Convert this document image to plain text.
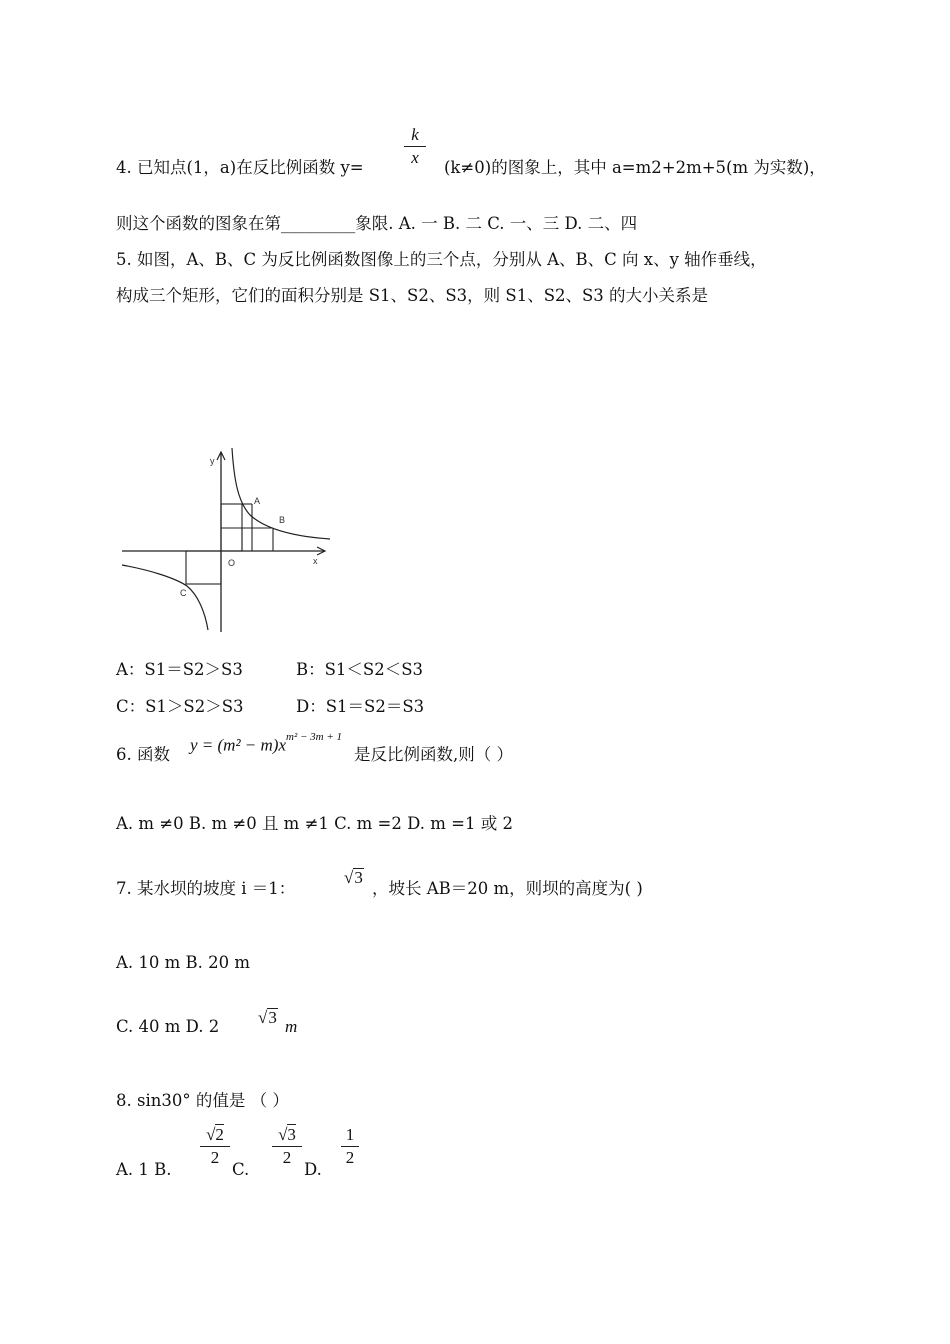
4. 已知点(1，a)在反比例函数 y=
k
x
(k≠0)的图象上，其中 a=m2+2m+5(m 为实数)，
则这个函数的图象在第_________象限. A. 一 B. 二 C. 一、三 D. 二、四
5. 如图，A、B、C 为反比例函数图像上的三个点，分别从 A、B、C 向 x、y 轴作垂线，
构成三个矩形，它们的面积分别是 S1、S2、S3，则 S1、S2、S3 的大小关系是
y
x
O
A
B
C
A：S1＝S2＞S3	B：S1＜S2＜S3
C：S1＞S2＞S3	D：S1＝S2＝S3
6. 函数 $y = (m^2 - m)x^{m^2 - 3m + 1}$
是反比例函数,则（ ）
A. m ≠0 B. m ≠0 且 m ≠1 C. m =2 D. m =1 或 2
7. 某水坝的坡度 i ＝1：
√3
，坡长 AB＝20 m，则坝的高度为( )
A. 10 m B. 20 m
C. 40 m D. 2 √3 m
8. sin30° 的值是 （ ）
A. 1 B.
√2
2
C.
√3
2
D.
1
2
